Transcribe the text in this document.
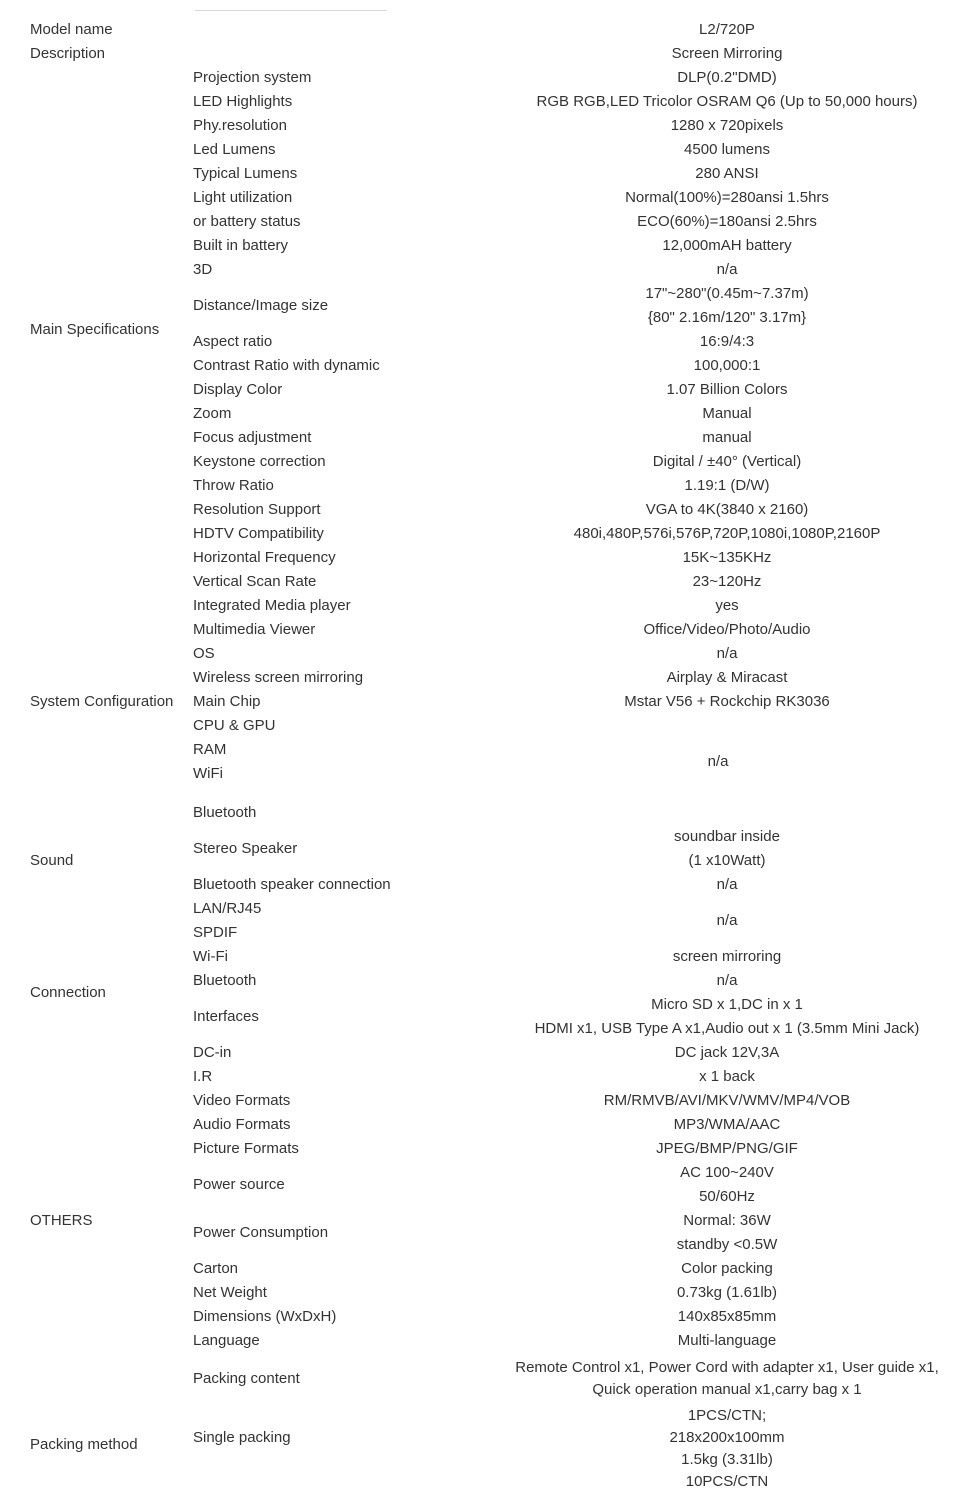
Model name
Description
Main Specifications
System Configuration
Sound
Connection
OTHERS
Packing method
Projection system
LED Highlights
Phy.resolution
Led Lumens
Typical Lumens
Light utilization
or battery status
Built in battery
3D
Distance/Image size
Aspect ratio
Contrast Ratio with dynamic
Display Color
Zoom
Focus adjustment
Keystone correction
Throw Ratio
Resolution Support
HDTV Compatibility
Horizontal Frequency
Vertical Scan Rate
Integrated Media player
Multimedia Viewer
OS
Wireless screen mirroring
Main Chip
CPU & GPU
RAM
WiFi
Bluetooth
Stereo Speaker
Bluetooth speaker connection
LAN/RJ45
SPDIF
Wi-Fi
Bluetooth
Interfaces
DC-in
I.R
Video Formats
Audio Formats
Picture Formats
Power source
Power Consumption
Carton
Net Weight
Dimensions (WxDxH)
Language
Packing content
Single packing
L2/720P
Screen Mirroring
DLP(0.2"DMD)
RGB RGB,LED Tricolor OSRAM Q6 (Up to 50,000 hours)
1280 x 720pixels
4500 lumens
280 ANSI
Normal(100%)=280ansi 1.5hrs
ECO(60%)=180ansi 2.5hrs
12,000mAH battery
n/a
17"~280"(0.45m~7.37m)
{80" 2.16m/120" 3.17m}
16:9/4:3
100,000:1
1.07 Billion Colors
Manual
manual
Digital / ±40° (Vertical)
1.19:1 (D/W)
VGA to 4K(3840 x 2160)
480i,480P,576i,576P,720P,1080i,1080P,2160P
15K~135KHz
23~120Hz
yes
Office/Video/Photo/Audio
n/a
Airplay & Miracast
Mstar V56 + Rockchip RK3036
n/a
soundbar inside
(1 x10Watt)
n/a
n/a
screen mirroring
n/a
Micro SD x 1,DC in x 1
HDMI x1, USB Type A x1,Audio out x 1 (3.5mm Mini Jack)
DC jack 12V,3A
x 1 back
RM/RMVB/AVI/MKV/WMV/MP4/VOB
MP3/WMA/AAC
JPEG/BMP/PNG/GIF
AC 100~240V
50/60Hz
Normal: 36W
standby <0.5W
Color packing
0.73kg (1.61lb)
140x85x85mm
Multi-language
Remote Control x1, Power Cord with adapter x1, User guide x1,
Quick operation manual x1,carry bag x 1
1PCS/CTN;
218x200x100mm
1.5kg (3.31lb)
10PCS/CTN
